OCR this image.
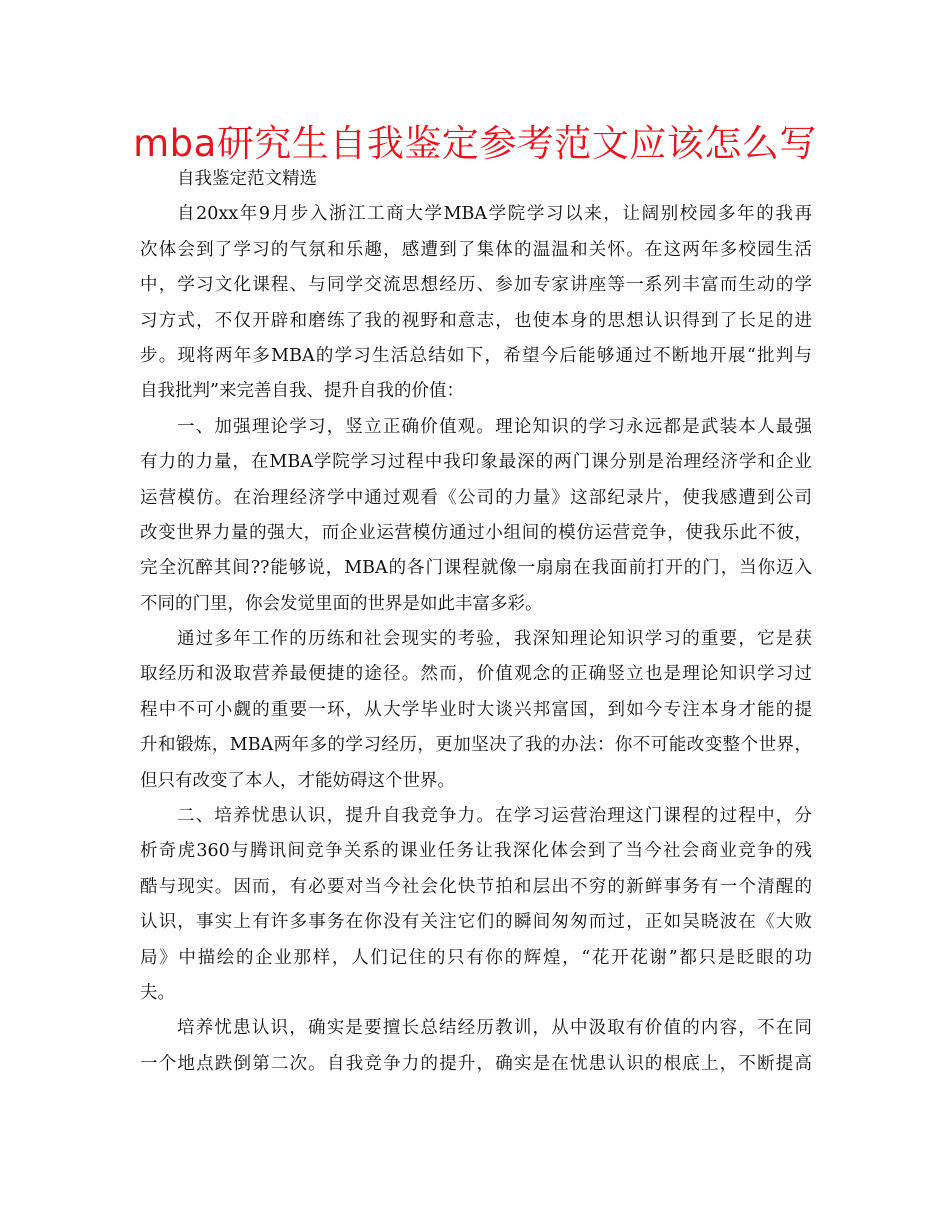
mba研究生自我鉴定参考范文应该怎么写
自我鉴定范文精选
自20xx年9月步入浙江工商大学MBA学院学习以来，让阔别校园多年的我再
次体会到了学习的气氛和乐趣，感遭到了集体的温温和关怀。在这两年多校园生活
中，学习文化课程、与同学交流思想经历、参加专家讲座等一系列丰富而生动的学
习方式，不仅开辟和磨练了我的视野和意志，也使本身的思想认识得到了长足的进
步。现将两年多MBA的学习生活总结如下，希望今后能够通过不断地开展“批判与
自我批判”来完善自我、提升自我的价值：
一、加强理论学习，竖立正确价值观。理论知识的学习永远都是武装本人最强
有力的力量，在MBA学院学习过程中我印象最深的两门课分别是治理经济学和企业
运营模仿。在治理经济学中通过观看《公司的力量》这部纪录片，使我感遭到公司
改变世界力量的强大，而企业运营模仿通过小组间的模仿运营竞争，使我乐此不彼，
完全沉醉其间??能够说，MBA的各门课程就像一扇扇在我面前打开的门，当你迈入
不同的门里，你会发觉里面的世界是如此丰富多彩。
通过多年工作的历练和社会现实的考验，我深知理论知识学习的重要，它是获
取经历和汲取营养最便捷的途径。然而，价值观念的正确竖立也是理论知识学习过
程中不可小觑的重要一环，从大学毕业时大谈兴邦富国，到如今专注本身才能的提
升和锻炼，MBA两年多的学习经历，更加坚决了我的办法：你不可能改变整个世界，
但只有改变了本人，才能妨碍这个世界。
二、培养忧患认识，提升自我竞争力。在学习运营治理这门课程的过程中，分
析奇虎360与腾讯间竞争关系的课业任务让我深化体会到了当今社会商业竞争的残
酷与现实。因而，有必要对当今社会化快节拍和层出不穷的新鲜事务有一个清醒的
认识，事实上有许多事务在你没有关注它们的瞬间匆匆而过，正如吴晓波在《大败
局》中描绘的企业那样，人们记住的只有你的辉煌，“花开花谢”都只是眨眼的功
夫。
培养忧患认识，确实是要擅长总结经历教训，从中汲取有价值的内容，不在同
一个地点跌倒第二次。自我竞争力的提升，确实是在忧患认识的根底上，不断提高
